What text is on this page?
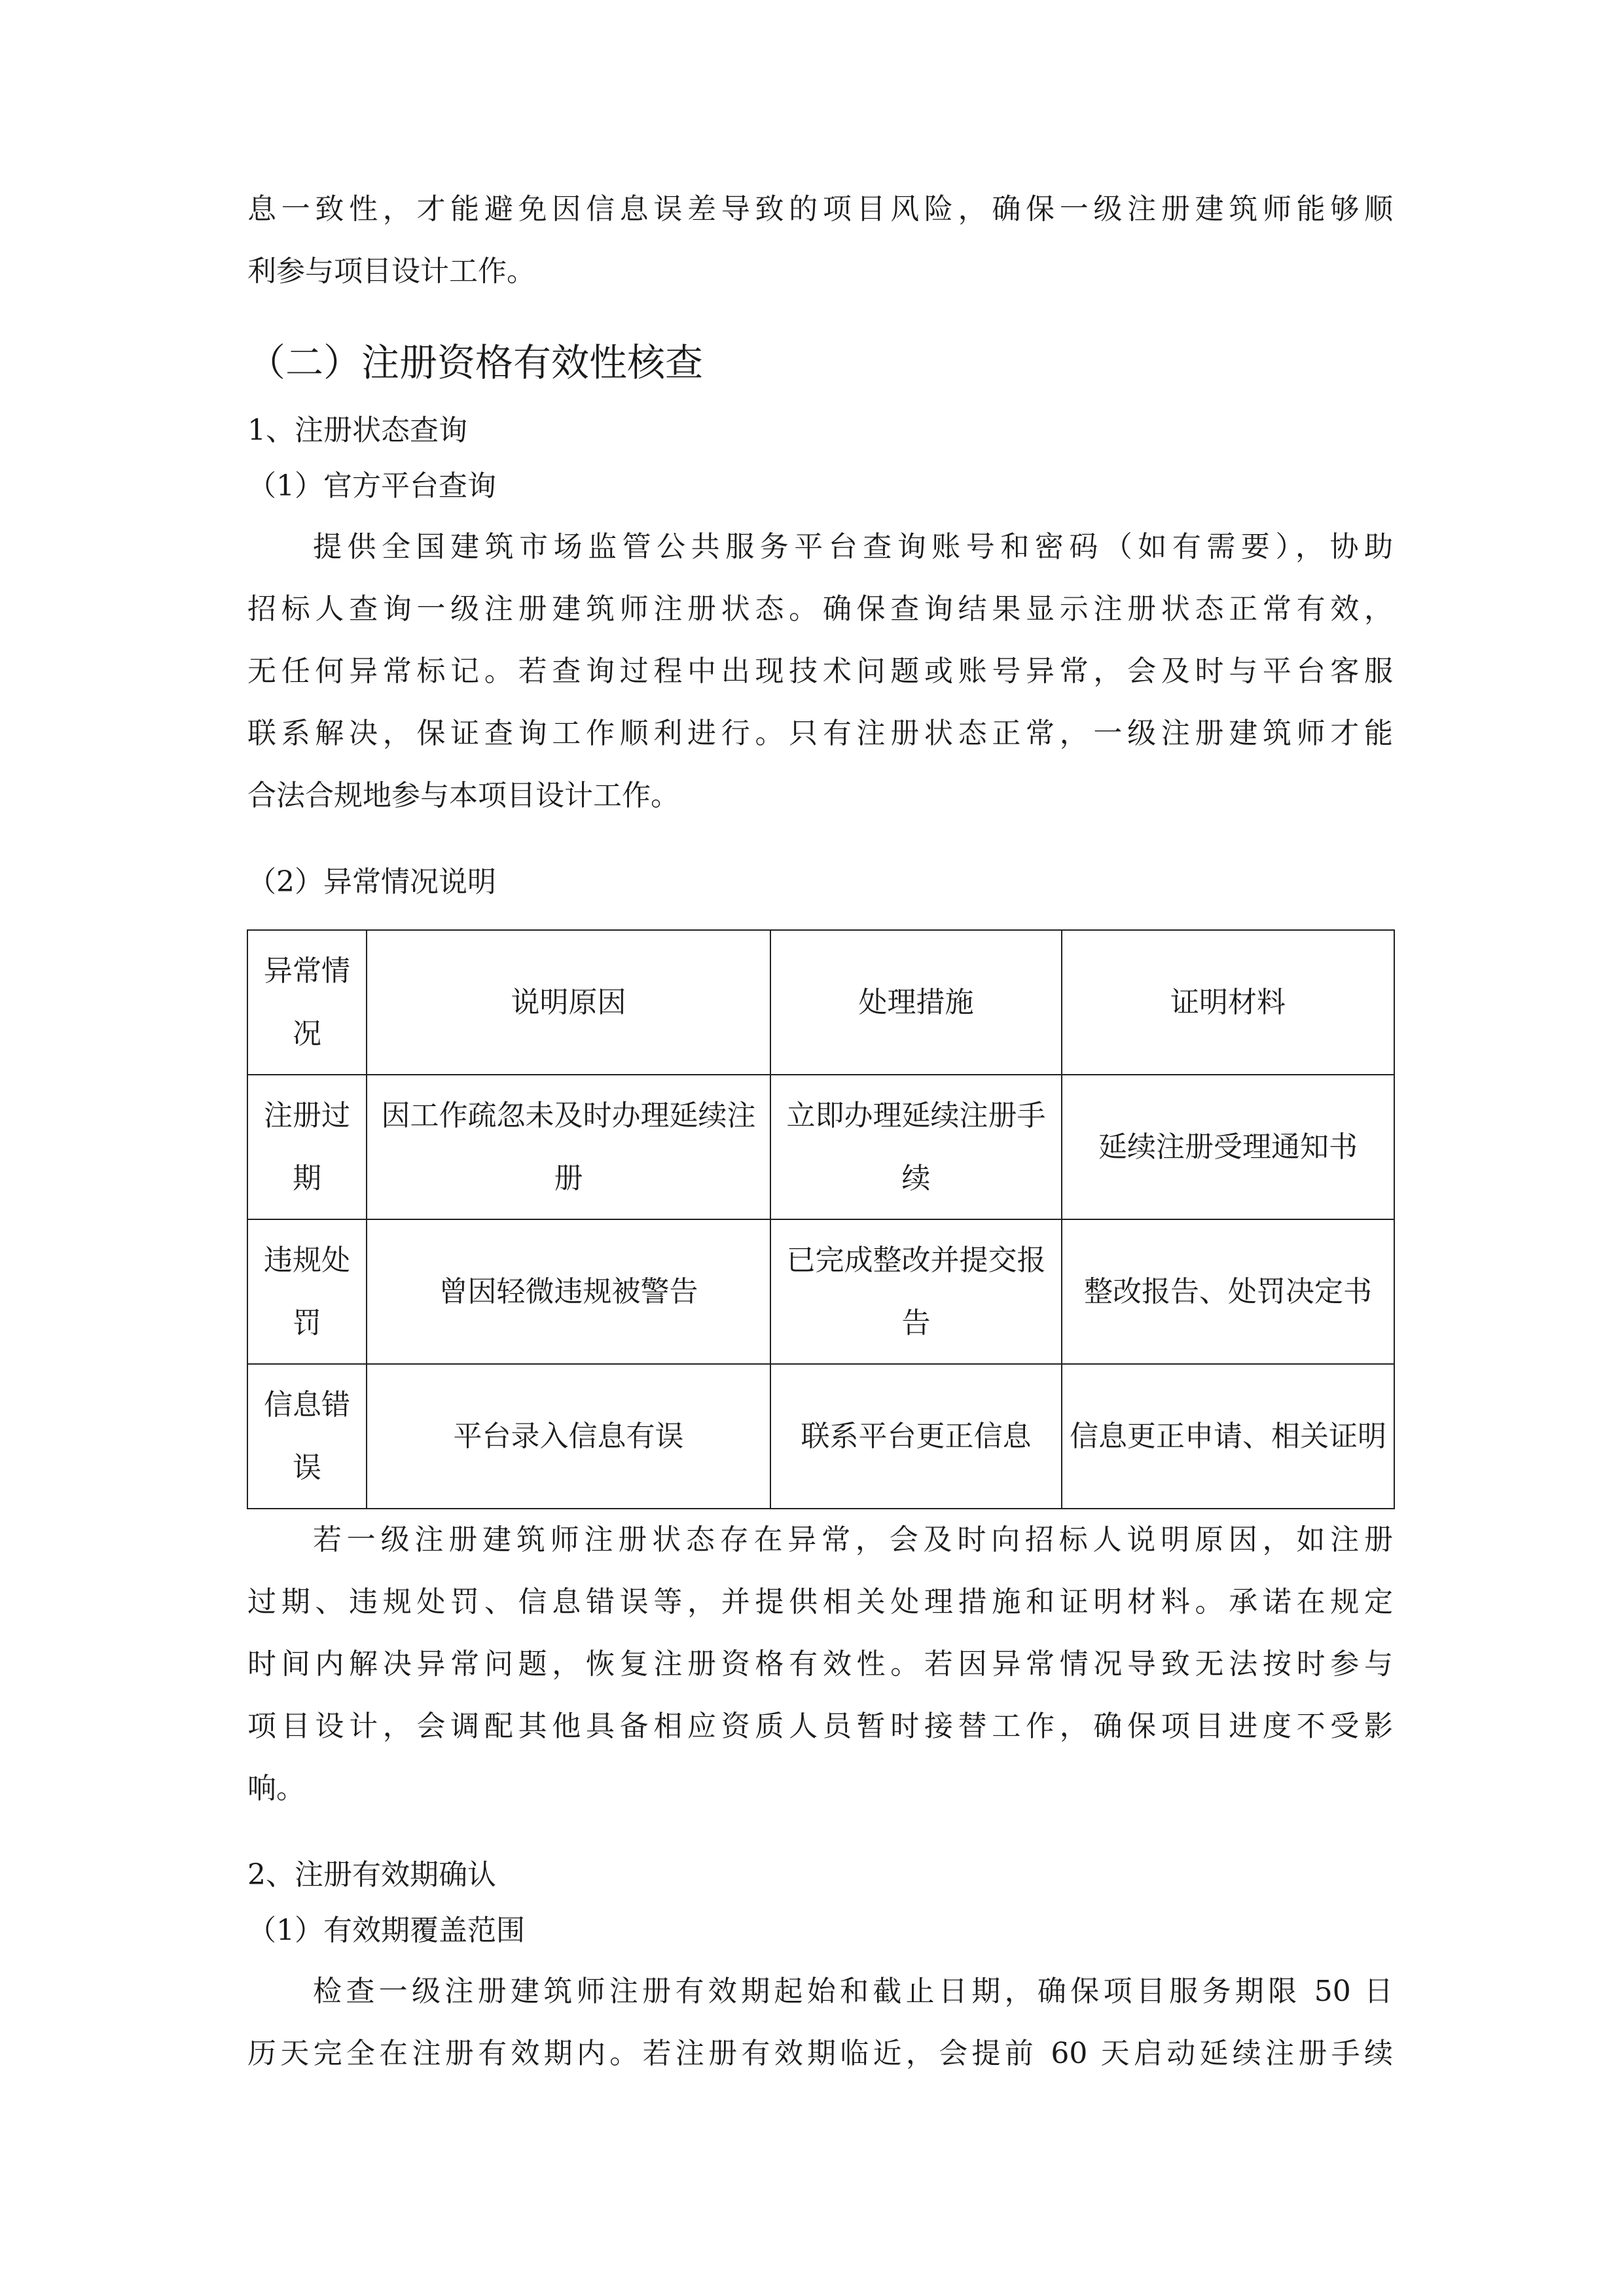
息一致性，才能避免因信息误差导致的项目风险，确保一级注册建筑师能够顺

利参与项目设计工作。

（二）注册资格有效性核查

1、注册状态查询

（1）官方平台查询

提供全国建筑市场监管公共服务平台查询账号和密码（如有需要），协助

招标人查询一级注册建筑师注册状态。确保查询结果显示注册状态正常有效，

无任何异常标记。若查询过程中出现技术问题或账号异常，会及时与平台客服

联系解决，保证查询工作顺利进行。只有注册状态正常，一级注册建筑师才能

合法合规地参与本项目设计工作。

（2）异常情况说明

异常情况	说明原因	处理措施	证明材料
注册过期	因工作疏忽未及时办理延续注册	立即办理延续注册手续	延续注册受理通知书
违规处罚	曾因轻微违规被警告	已完成整改并提交报告	整改报告、处罚决定书
信息错误	平台录入信息有误	联系平台更正信息	信息更正申请、相关证明

若一级注册建筑师注册状态存在异常，会及时向招标人说明原因，如注册

过期、违规处罚、信息错误等，并提供相关处理措施和证明材料。承诺在规定

时间内解决异常问题，恢复注册资格有效性。若因异常情况导致无法按时参与

项目设计，会调配其他具备相应资质人员暂时接替工作，确保项目进度不受影

响。

2、注册有效期确认

（1）有效期覆盖范围

检查一级注册建筑师注册有效期起始和截止日期，确保项目服务期限 50 日

历天完全在注册有效期内。若注册有效期临近，会提前 60 天启动延续注册手续
